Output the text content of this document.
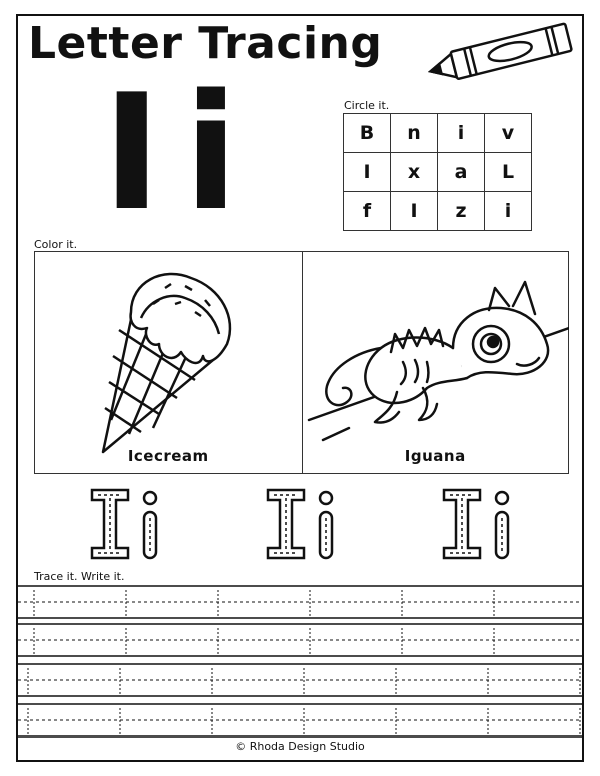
Letter Tracing
Ii	Circle it.
B	n	i	v
I	x	a	L
f	I	z	i
Color it.
Icecream	Iguana
Trace it. Write it.
© Rhoda Design Studio
